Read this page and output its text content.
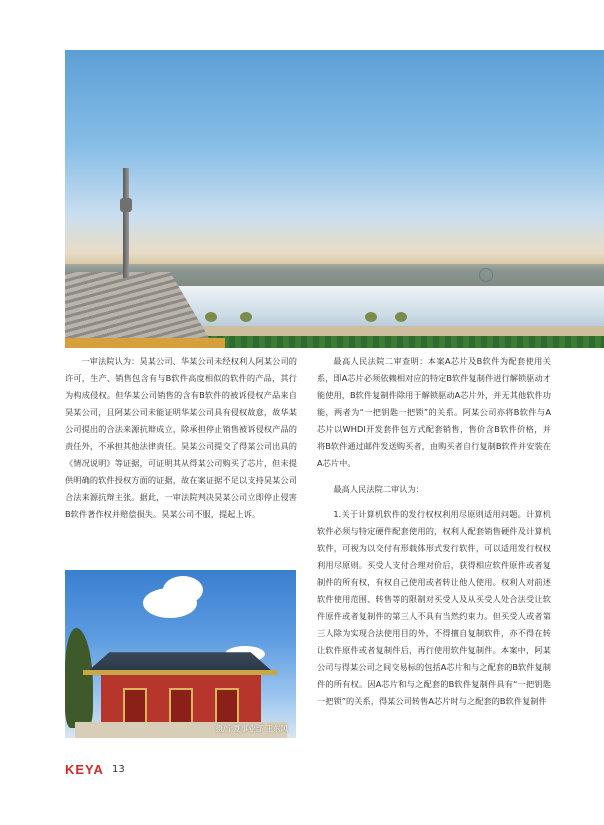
一审法院认为：昊某公司、华某公司未经权利人阿某公司的许可，生产、销售包含有与B软件高度相似的软件的产品，其行为构成侵权。但华某公司销售的含有B软件的被诉侵权产品来自昊某公司，且阿某公司未能证明华某公司具有侵权故意，故华某公司提出的合法来源抗辩成立，除承担停止销售被诉侵权产品的责任外，不承担其他法律责任。昊某公司提交了得某公司出具的《情况说明》等证据，可证明其从得某公司购买了芯片，但未提供明确的软件授权方面的证据，故在案证据不足以支持昊某公司合法来源抗辩主张。据此，一审法院判决昊某公司立即停止侵害B软件著作权并赔偿损失。昊某公司不服，提起上诉。

最高人民法院二审查明：本案A芯片及B软件为配套使用关系，即A芯片必须依赖相对应的特定B软件复制件进行解锁驱动才能使用，B软件复制件除用于解锁驱动A芯片外，并无其他软件功能，两者为“一把钥匙一把锁”的关系。阿某公司亦将B软件与A芯片以WHDI开发套件包方式配套销售，售价含B软件价格，并将B软件通过邮件发送购买者，由购买者自行复制B软件并安装在A芯片中。

最高人民法院二审认为：

1.关于计算机软件的发行权权利用尽原则适用问题。计算机软件必须与特定硬件配套使用的，权利人配套销售硬件及计算机软件，可视为以交付有形载体形式发行软件，可以适用发行权权利用尽原则。买受人支付合理对价后，获得相应软件原件或者复制件的所有权，有权自己使用或者转让他人使用。权利人对前述软件使用范围、转售等的限制对买受人及从买受人处合法受让软件原件或者复制件的第三人不具有当然约束力。但买受人或者第三人除为实现合法使用目的外，不得擅自复制软件，亦不得在转让软件原件或者复制件后，再行使用软件复制件。本案中，阿某公司与得某公司之间交易标的包括A芯片和与之配套的B软件复制件的所有权。因A芯片和与之配套的B软件复制件具有“一把钥匙一把锁”的关系，得某公司转售A芯片时与之配套的B软件复制件

摄/宁夏事业部 王东风
KEYA 13
